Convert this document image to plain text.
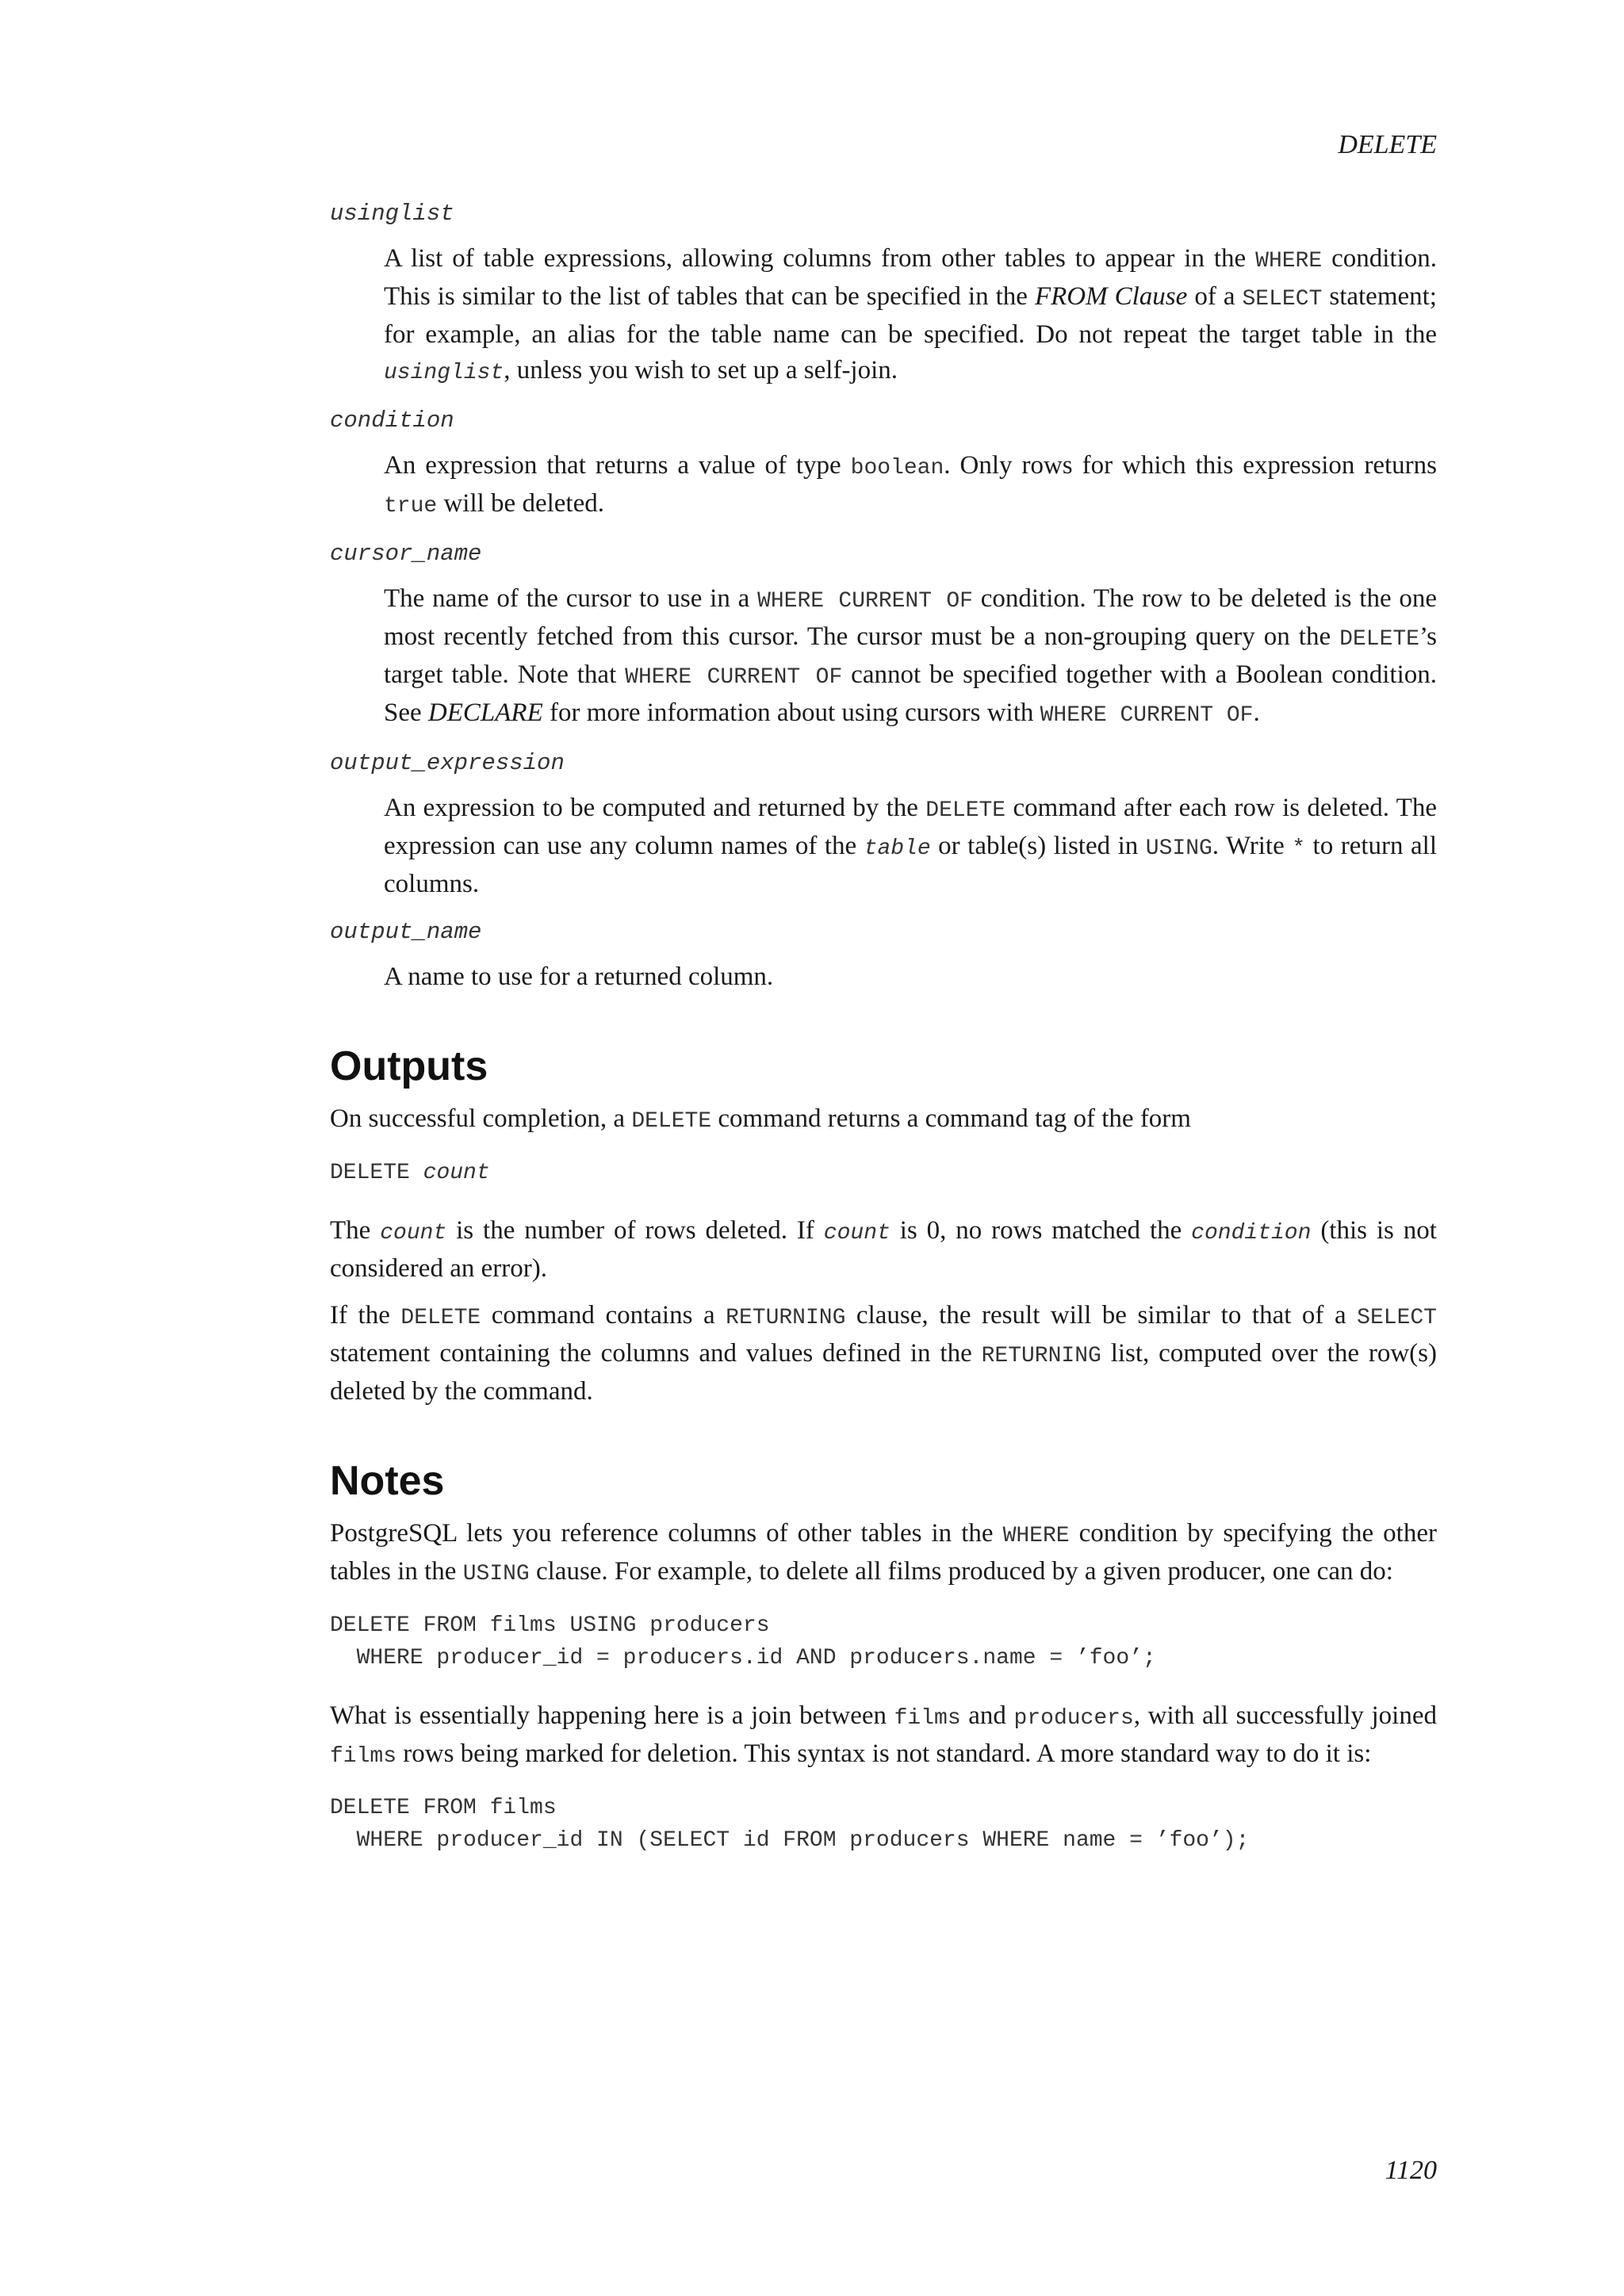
DELETE
usinglist

A list of table expressions, allowing columns from other tables to appear in the WHERE condition. This is similar to the list of tables that can be specified in the FROM Clause of a SELECT statement; for example, an alias for the table name can be specified. Do not repeat the target table in the usinglist, unless you wish to set up a self-join.

condition

An expression that returns a value of type boolean. Only rows for which this expression returns true will be deleted.

cursor_name

The name of the cursor to use in a WHERE CURRENT OF condition. The row to be deleted is the one most recently fetched from this cursor. The cursor must be a non-grouping query on the DELETE’s target table. Note that WHERE CURRENT OF cannot be specified together with a Boolean condition. See DECLARE for more information about using cursors with WHERE CURRENT OF.

output_expression

An expression to be computed and returned by the DELETE command after each row is deleted. The expression can use any column names of the table or table(s) listed in USING. Write * to return all columns.

output_name

A name to use for a returned column.

Outputs

On successful completion, a DELETE command returns a command tag of the form

DELETE count

The count is the number of rows deleted. If count is 0, no rows matched the condition (this is not considered an error).

If the DELETE command contains a RETURNING clause, the result will be similar to that of a SELECT statement containing the columns and values defined in the RETURNING list, computed over the row(s) deleted by the command.

Notes

PostgreSQL lets you reference columns of other tables in the WHERE condition by specifying the other tables in the USING clause. For example, to delete all films produced by a given producer, one can do:

DELETE FROM films USING producers
WHERE producer_id = producers.id AND producers.name = ’foo’;

What is essentially happening here is a join between films and producers, with all successfully joined films rows being marked for deletion. This syntax is not standard. A more standard way to do it is:

DELETE FROM films
WHERE producer_id IN (SELECT id FROM producers WHERE name = ’foo’);
1120
